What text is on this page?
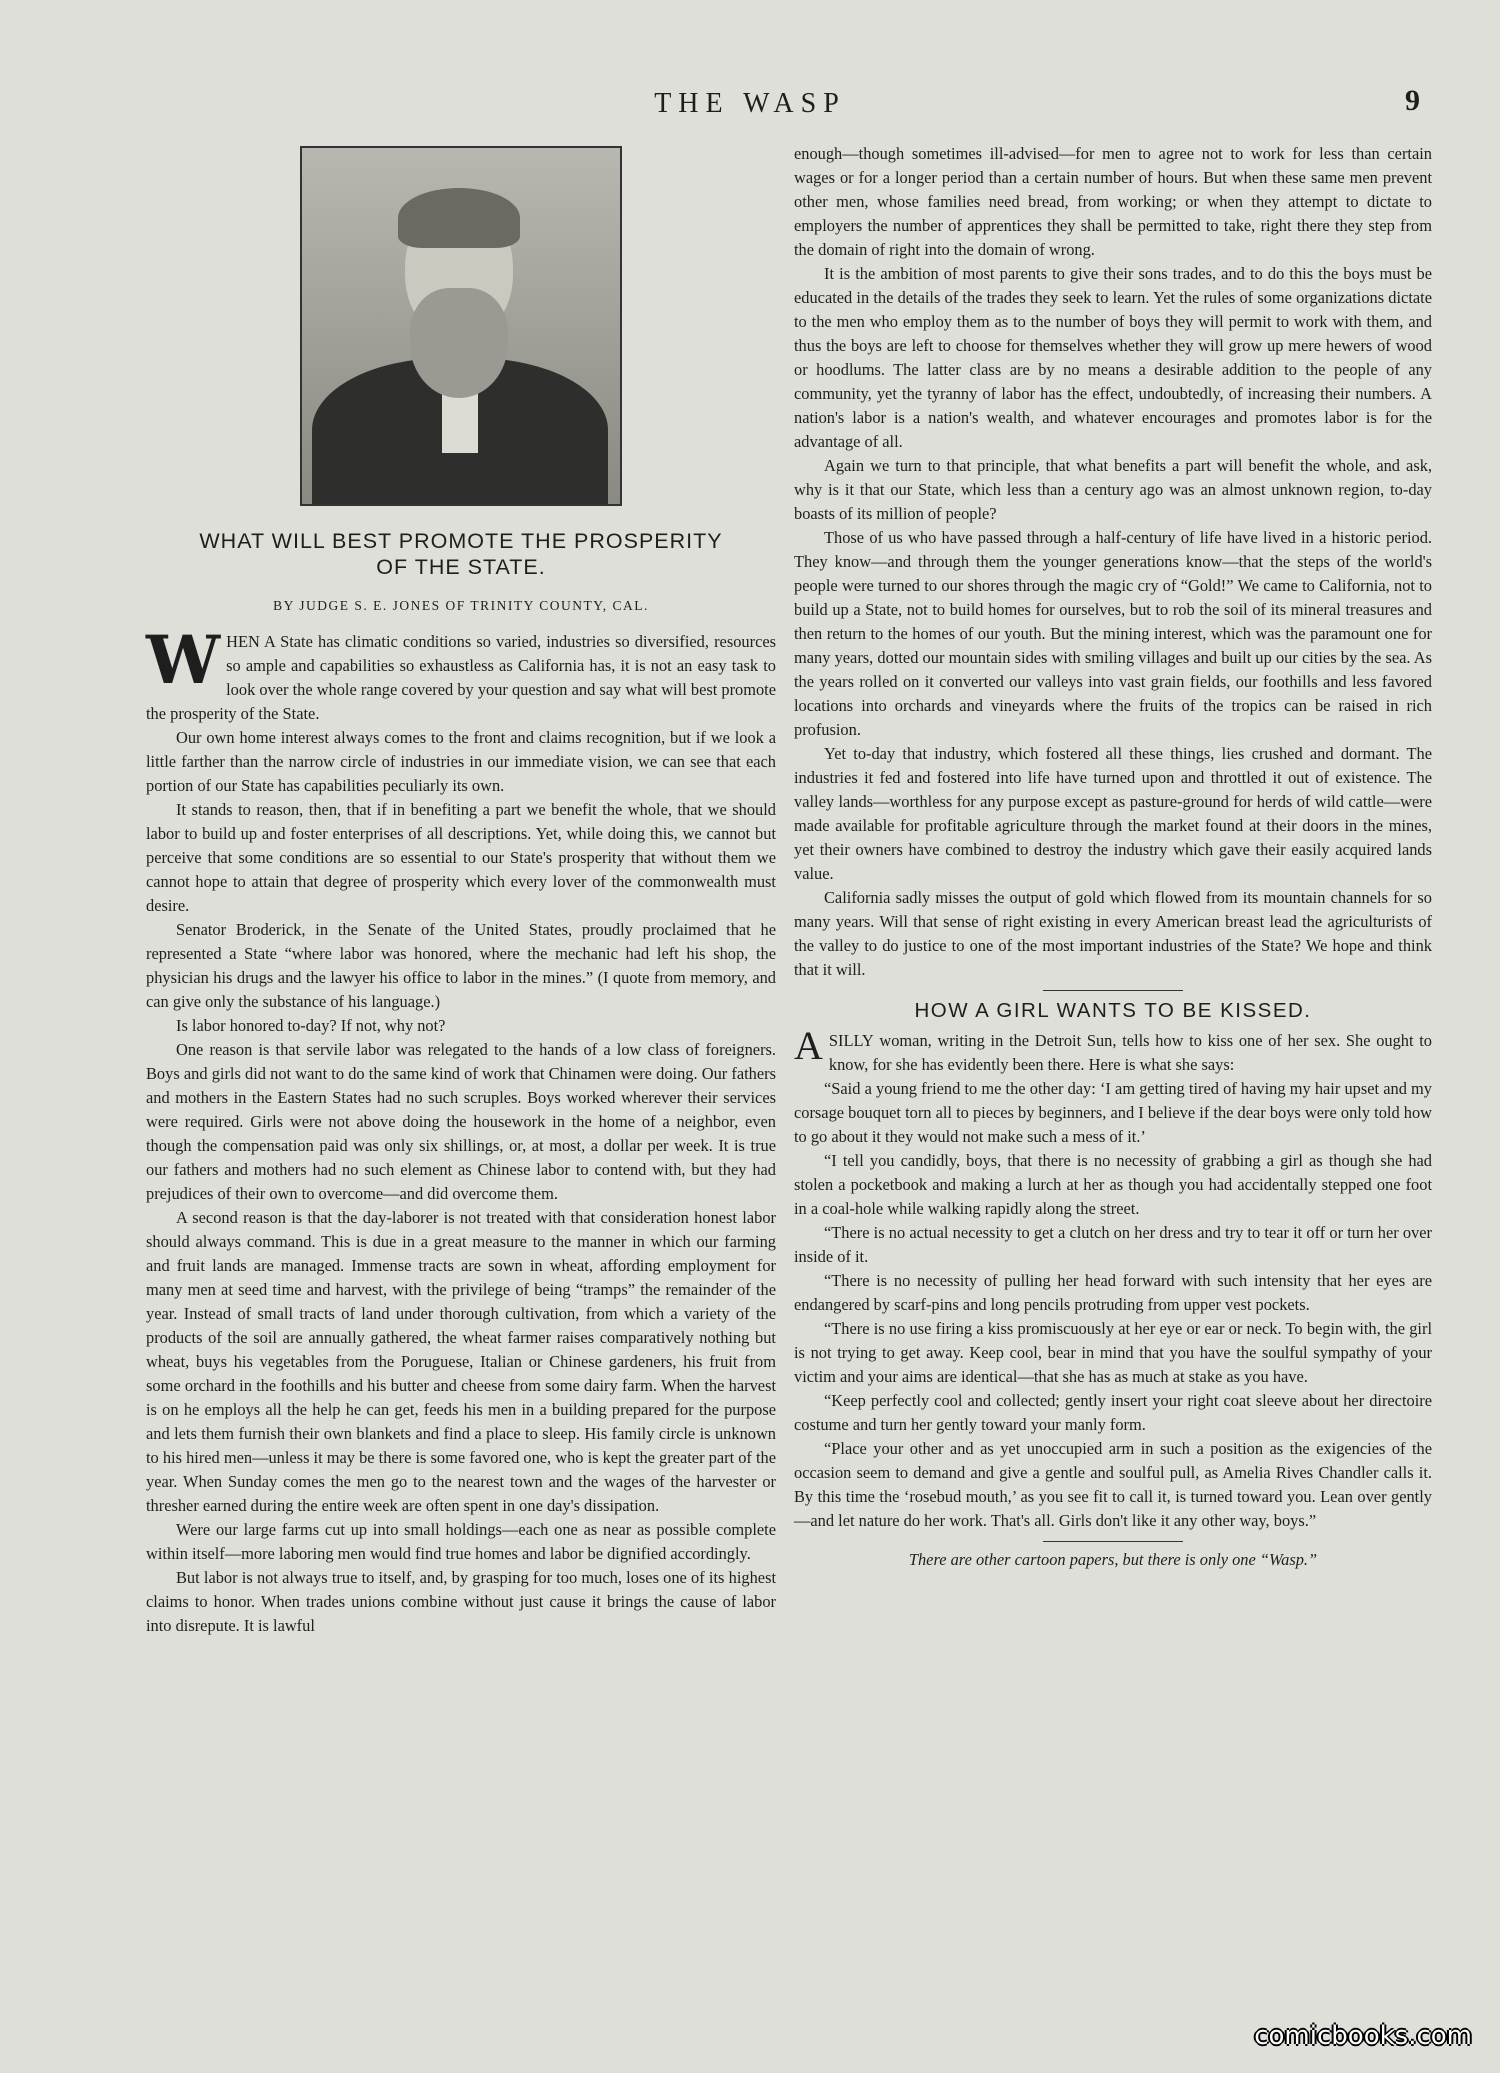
THE WASP	9
WHAT WILL BEST PROMOTE THE PROSPERITY
OF THE STATE.
BY JUDGE S. E. JONES OF TRINITY COUNTY, CAL.

WHEN A State has climatic conditions so varied, industries so diversified, resources so ample and capabilities so exhaustless as California has, it is not an easy task to look over the whole range covered by your question and say what will best promote the prosperity of the State.

Our own home interest always comes to the front and claims recognition, but if we look a little farther than the narrow circle of industries in our immediate vision, we can see that each portion of our State has capabilities peculiarly its own.

It stands to reason, then, that if in benefiting a part we benefit the whole, that we should labor to build up and foster enterprises of all descriptions. Yet, while doing this, we cannot but perceive that some conditions are so essential to our State's prosperity that without them we cannot hope to attain that degree of prosperity which every lover of the commonwealth must desire.

Senator Broderick, in the Senate of the United States, proudly proclaimed that he represented a State “where labor was honored, where the mechanic had left his shop, the physician his drugs and the lawyer his office to labor in the mines.” (I quote from memory, and can give only the substance of his language.)

Is labor honored to-day? If not, why not?

One reason is that servile labor was relegated to the hands of a low class of foreigners. Boys and girls did not want to do the same kind of work that Chinamen were doing. Our fathers and mothers in the Eastern States had no such scruples. Boys worked wherever their services were required. Girls were not above doing the housework in the home of a neighbor, even though the compensation paid was only six shillings, or, at most, a dollar per week. It is true our fathers and mothers had no such element as Chinese labor to contend with, but they had prejudices of their own to overcome—and did overcome them.

A second reason is that the day-laborer is not treated with that consideration honest labor should always command. This is due in a great measure to the manner in which our farming and fruit lands are managed. Immense tracts are sown in wheat, affording employment for many men at seed time and harvest, with the privilege of being “tramps” the remainder of the year. Instead of small tracts of land under thorough cultivation, from which a variety of the products of the soil are annually gathered, the wheat farmer raises comparatively nothing but wheat, buys his vegetables from the Poruguese, Italian or Chinese gardeners, his fruit from some orchard in the foothills and his butter and cheese from some dairy farm. When the harvest is on he employs all the help he can get, feeds his men in a building prepared for the purpose and lets them furnish their own blankets and find a place to sleep. His family circle is unknown to his hired men—unless it may be there is some favored one, who is kept the greater part of the year. When Sunday comes the men go to the nearest town and the wages of the harvester or thresher earned during the entire week are often spent in one day's dissipation.

Were our large farms cut up into small holdings—each one as near as possible complete within itself—more laboring men would find true homes and labor be dignified accordingly.

But labor is not always true to itself, and, by grasping for too much, loses one of its highest claims to honor. When trades unions combine without just cause it brings the cause of labor into disrepute. It is lawful

enough—though sometimes ill-advised—for men to agree not to work for less than certain wages or for a longer period than a certain number of hours. But when these same men prevent other men, whose families need bread, from working; or when they attempt to dictate to employers the number of apprentices they shall be permitted to take, right there they step from the domain of right into the domain of wrong.

It is the ambition of most parents to give their sons trades, and to do this the boys must be educated in the details of the trades they seek to learn. Yet the rules of some organizations dictate to the men who employ them as to the number of boys they will permit to work with them, and thus the boys are left to choose for themselves whether they will grow up mere hewers of wood or hoodlums. The latter class are by no means a desirable addition to the people of any community, yet the tyranny of labor has the effect, undoubtedly, of increasing their numbers. A nation's labor is a nation's wealth, and whatever encourages and promotes labor is for the advantage of all.

Again we turn to that principle, that what benefits a part will benefit the whole, and ask, why is it that our State, which less than a century ago was an almost unknown region, to-day boasts of its million of people?

Those of us who have passed through a half-century of life have lived in a historic period. They know—and through them the younger generations know—that the steps of the world's people were turned to our shores through the magic cry of “Gold!” We came to California, not to build up a State, not to build homes for ourselves, but to rob the soil of its mineral treasures and then return to the homes of our youth. But the mining interest, which was the paramount one for many years, dotted our mountain sides with smiling villages and built up our cities by the sea. As the years rolled on it converted our valleys into vast grain fields, our foothills and less favored locations into orchards and vineyards where the fruits of the tropics can be raised in rich profusion.

Yet to-day that industry, which fostered all these things, lies crushed and dormant. The industries it fed and fostered into life have turned upon and throttled it out of existence. The valley lands—worthless for any purpose except as pasture-ground for herds of wild cattle—were made available for profitable agriculture through the market found at their doors in the mines, yet their owners have combined to destroy the industry which gave their easily acquired lands value.

California sadly misses the output of gold which flowed from its mountain channels for so many years. Will that sense of right existing in every American breast lead the agriculturists of the valley to do justice to one of the most important industries of the State? We hope and think that it will.

HOW A GIRL WANTS TO BE KISSED.

ASILLY woman, writing in the Detroit Sun, tells how to kiss one of her sex. She ought to know, for she has evidently been there. Here is what she says:

“Said a young friend to me the other day: ‘I am getting tired of having my hair upset and my corsage bouquet torn all to pieces by beginners, and I believe if the dear boys were only told how to go about it they would not make such a mess of it.’

“I tell you candidly, boys, that there is no necessity of grabbing a girl as though she had stolen a pocketbook and making a lurch at her as though you had accidentally stepped one foot in a coal-hole while walking rapidly along the street.

“There is no actual necessity to get a clutch on her dress and try to tear it off or turn her over inside of it.

“There is no necessity of pulling her head forward with such intensity that her eyes are endangered by scarf-pins and long pencils protruding from upper vest pockets.

“There is no use firing a kiss promiscuously at her eye or ear or neck. To begin with, the girl is not trying to get away. Keep cool, bear in mind that you have the soulful sympathy of your victim and your aims are identical—that she has as much at stake as you have.

“Keep perfectly cool and collected; gently insert your right coat sleeve about her directoire costume and turn her gently toward your manly form.

“Place your other and as yet unoccupied arm in such a position as the exigencies of the occasion seem to demand and give a gentle and soulful pull, as Amelia Rives Chandler calls it. By this time the ‘rosebud mouth,’ as you see fit to call it, is turned toward you. Lean over gently—and let nature do her work. That's all. Girls don't like it any other way, boys.”

There are other cartoon papers, but there is only one “Wasp.”
comicbooks.com
